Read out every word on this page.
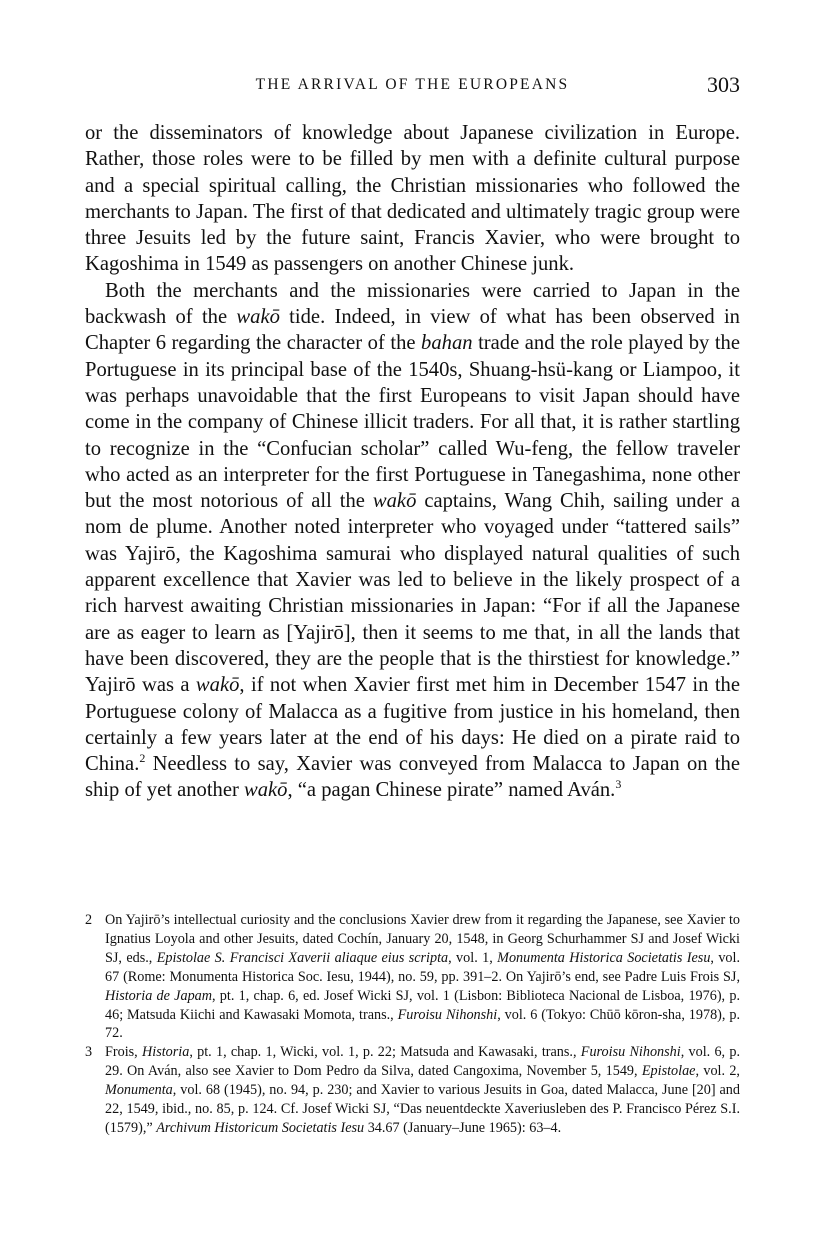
THE ARRIVAL OF THE EUROPEANS	303

or the disseminators of knowledge about Japanese civilization in Europe. Rather, those roles were to be filled by men with a definite cultural purpose and a special spiritual calling, the Christian missionaries who followed the merchants to Japan. The first of that dedicated and ultimately tragic group were three Jesuits led by the future saint, Francis Xavier, who were brought to Kagoshima in 1549 as passengers on another Chinese junk.

Both the merchants and the missionaries were carried to Japan in the backwash of the wakō tide. Indeed, in view of what has been observed in Chapter 6 regarding the character of the bahan trade and the role played by the Portuguese in its principal base of the 1540s, Shuang-hsü-kang or Liampoo, it was perhaps unavoidable that the first Europeans to visit Japan should have come in the company of Chinese illicit traders. For all that, it is rather startling to recognize in the “Confucian scholar” called Wu-feng, the fellow traveler who acted as an interpreter for the first Portuguese in Tanegashima, none other but the most notorious of all the wakō captains, Wang Chih, sailing under a nom de plume. Another noted interpreter who voyaged under “tattered sails” was Yajirō, the Kagoshima samurai who displayed natural qualities of such apparent excellence that Xavier was led to believe in the likely prospect of a rich harvest awaiting Christian missionaries in Japan: “For if all the Japanese are as eager to learn as [Yajirō], then it seems to me that, in all the lands that have been discovered, they are the people that is the thirstiest for knowledge.” Yajirō was a wakō, if not when Xavier first met him in December 1547 in the Portuguese colony of Malacca as a fugitive from justice in his homeland, then certainly a few years later at the end of his days: He died on a pirate raid to China.$^2$ Needless to say, Xavier was conveyed from Malacca to Japan on the ship of yet another wakō, “a pagan Chinese pirate” named Aván.$^3$

2 On Yajirō’s intellectual curiosity and the conclusions Xavier drew from it regarding the Japanese, see Xavier to Ignatius Loyola and other Jesuits, dated Cochín, January 20, 1548, in Georg Schurhammer SJ and Josef Wicki SJ, eds., Epistolae S. Francisci Xaverii aliaque eius scripta, vol. 1, Monumenta Historica Societatis Iesu, vol. 67 (Rome: Monumenta Historica Soc. Iesu, 1944), no. 59, pp. 391–2. On Yajirō’s end, see Padre Luis Frois SJ, Historia de Japam, pt. 1, chap. 6, ed. Josef Wicki SJ, vol. 1 (Lisbon: Biblioteca Nacional de Lisboa, 1976), p. 46; Matsuda Kiichi and Kawasaki Momota, trans., Furoisu Nihonshi, vol. 6 (Tokyo: Chūō kōron-sha, 1978), p. 72.

3 Frois, Historia, pt. 1, chap. 1, Wicki, vol. 1, p. 22; Matsuda and Kawasaki, trans., Furoisu Nihonshi, vol. 6, p. 29. On Aván, also see Xavier to Dom Pedro da Silva, dated Cangoxima, November 5, 1549, Epistolae, vol. 2, Monumenta, vol. 68 (1945), no. 94, p. 230; and Xavier to various Jesuits in Goa, dated Malacca, June [20] and 22, 1549, ibid., no. 85, p. 124. Cf. Josef Wicki SJ, “Das neuentdeckte Xaveriusleben des P. Francisco Pérez S.I. (1579),” Archivum Historicum Societatis Iesu 34.67 (January–June 1965): 63–4.
